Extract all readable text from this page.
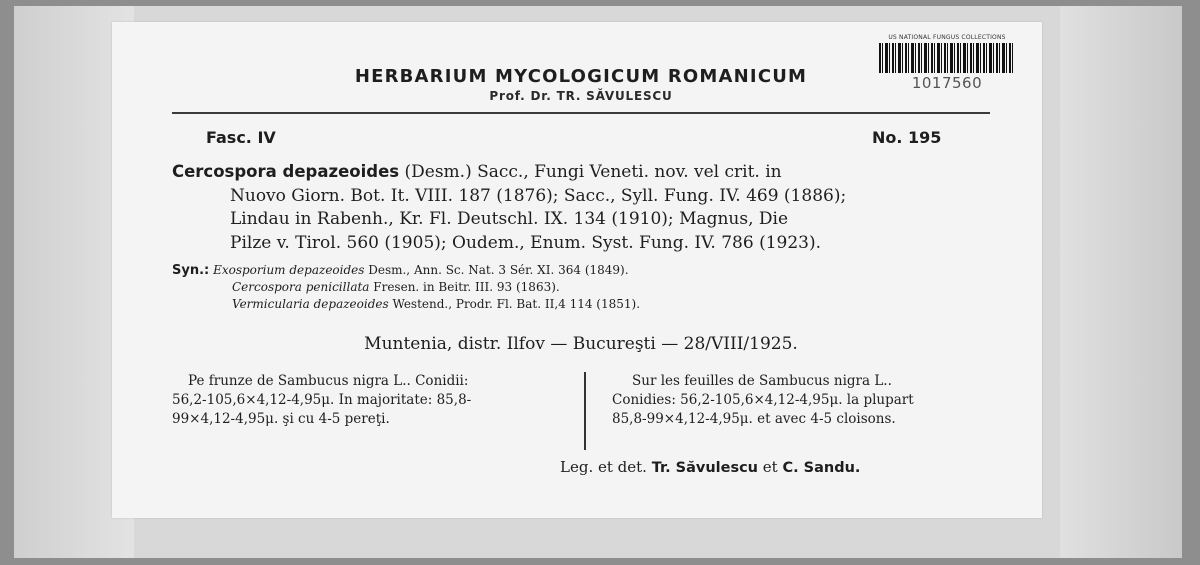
US NATIONAL FUNGUS COLLECTIONS
1017560
HERBARIUM MYCOLOGICUM ROMANICUM
Prof. Dr. TR. SĂVULESCU
Fasc. IV	No. 195
Cercospora depazeoides (Desm.) Sacc., Fungi Veneti. nov. vel crit. in
Nuovo Giorn. Bot. It. VIII. 187 (1876); Sacc., Syll. Fung. IV. 469 (1886);
Lindau in Rabenh., Kr. Fl. Deutschl. IX. 134 (1910); Magnus, Die
Pilze v. Tirol. 560 (1905); Oudem., Enum. Syst. Fung. IV. 786 (1923).
Syn.: Exosporium depazeoides Desm., Ann. Sc. Nat. 3 Sér. XI. 364 (1849).
Cercospora penicillata Fresen. in Beitr. III. 93 (1863).
Vermicularia depazeoides Westend., Prodr. Fl. Bat. II,4 114 (1851).
Muntenia, distr. Ilfov — Bucureşti — 28/VIII/1925.
Pe frunze de Sambucus nigra L.. Conidii:
56,2-105,6×4,12-4,95μ. In majoritate: 85,8-
99×4,12-4,95μ. şi cu 4-5 pereţi.
Sur les feuilles de Sambucus nigra L..
Conidies: 56,2-105,6×4,12-4,95μ. la plupart
85,8-99×4,12-4,95μ. et avec 4-5 cloisons.
Leg. et det. Tr. Săvulescu et C. Sandu.
